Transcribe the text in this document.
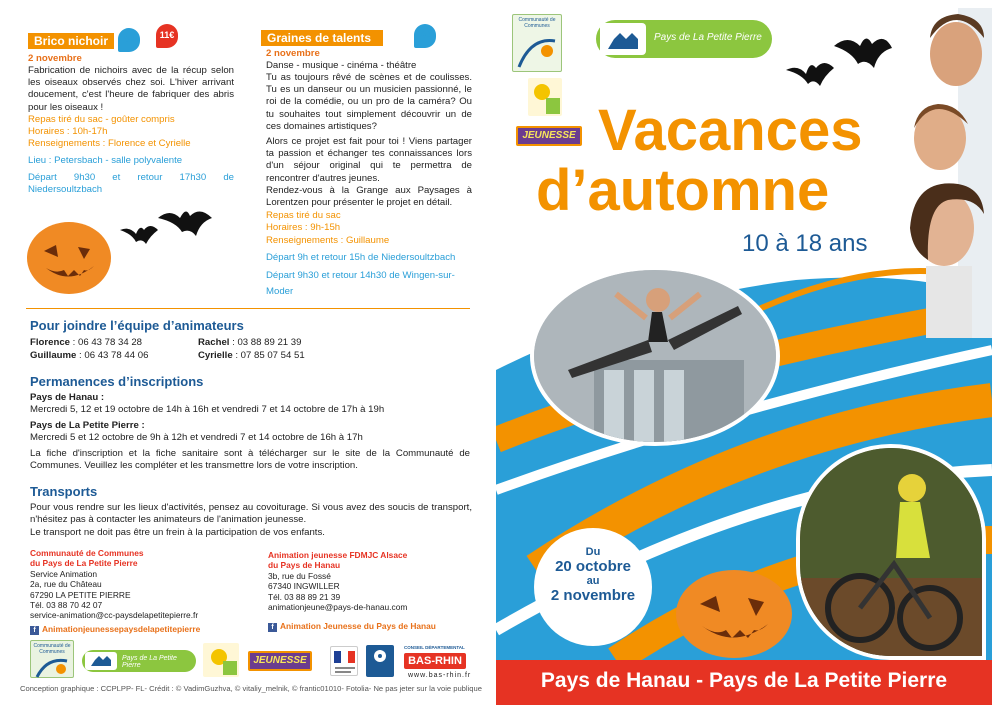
Brico nichoir	8€	11€
2 novembre
Fabrication de nichoirs avec de la récup selon les oiseaux observés chez soi. L'hiver arrivant doucement, c'est l'heure de fabriquer des abris pour les oiseaux !
Repas tiré du sac - goûter compris
Horaires : 10h-17h
Renseignements : Florence et Cyrielle
Lieu : Petersbach - salle polyvalente
Départ 9h30 et retour 17h30 de Niedersoultzbach
Graines de talents	2€
2 novembre
Danse - musique - cinéma - théâtre
Tu as toujours rêvé de scènes et de coulisses. Tu es un danseur ou un musicien passionné, le roi de la comédie, ou un pro de la caméra? Ou tu souhaites tout simplement découvrir un de ces domaines artistiques?
Alors ce projet est fait pour toi ! Viens partager ta passion et échanger tes connaissances lors d'un séjour original qui te permettra de rencontrer d'autres jeunes.
Rendez-vous à la Grange aux Paysages à Lorentzen pour présenter le projet en détail.
Repas tiré du sac
Horaires : 9h-15h
Renseignements : Guillaume
Départ 9h et retour 15h de Niedersoultzbach
Départ 9h30 et retour 14h30 de Wingen-sur-Moder
Pour joindre l’équipe d’animateurs
Florence : 06 43 78 34 28	Rachel : 03 88 89 21 39
Guillaume : 06 43 78 44 06	Cyrielle : 07 85 07 54 51
Permanences d’inscriptions
Pays de Hanau :
Mercredi 5, 12 et 19 octobre de 14h à 16h et vendredi 7 et 14 octobre de 17h à 19h
Pays de La Petite Pierre :
Mercredi 5 et 12 octobre de 9h à 12h et vendredi 7 et 14 octobre de 16h à 17h
La fiche d'inscription et la fiche sanitaire sont à télécharger sur le site de la Communauté de Communes. Veuillez les compléter et les transmettre lors de votre inscription.
Transports
Pour vous rendre sur les lieux d'activités, pensez au covoiturage. Si vous avez des soucis de transport, n'hésitez pas à contacter les animateurs de l'animation jeunesse.
Le transport ne doit pas être un frein à la participation de vos enfants.
Communauté de Communes
du Pays de La Petite Pierre
Service Animation
2a, rue du Château
67290 LA PETITE PIERRE
Tél. 03 88 70 42 07
service-animation@cc-paysdelapetitepierre.fr
f Animationjeunessepaysdelapetitepierre
Animation jeunesse FDMJC Alsace
du Pays de Hanau
3b, rue du Fossé
67340 INGWILLER
Tél. 03 88 89 21 39
animationjeune@pays-de-hanau.com
f Animation Jeunesse du Pays de Hanau
Communauté de Communes
Pays de La Petite Pierre	JEUNESSE
CONSEIL DÉPARTEMENTAL
BAS-RHIN
www.bas-rhin.fr
Conception graphique : CCPLPP- FL- Crédit : © VadimGuzhva, © vitaliy_melnik, © frantic01010- Fotolia- Ne pas jeter sur la voie publique
Communauté de Communes
Pays de La Petite Pierre
JEUNESSE Vacances
d’automne
10 à 18 ans
Du
20 octobre
au
2 novembre
Pays de Hanau - Pays de La Petite Pierre
